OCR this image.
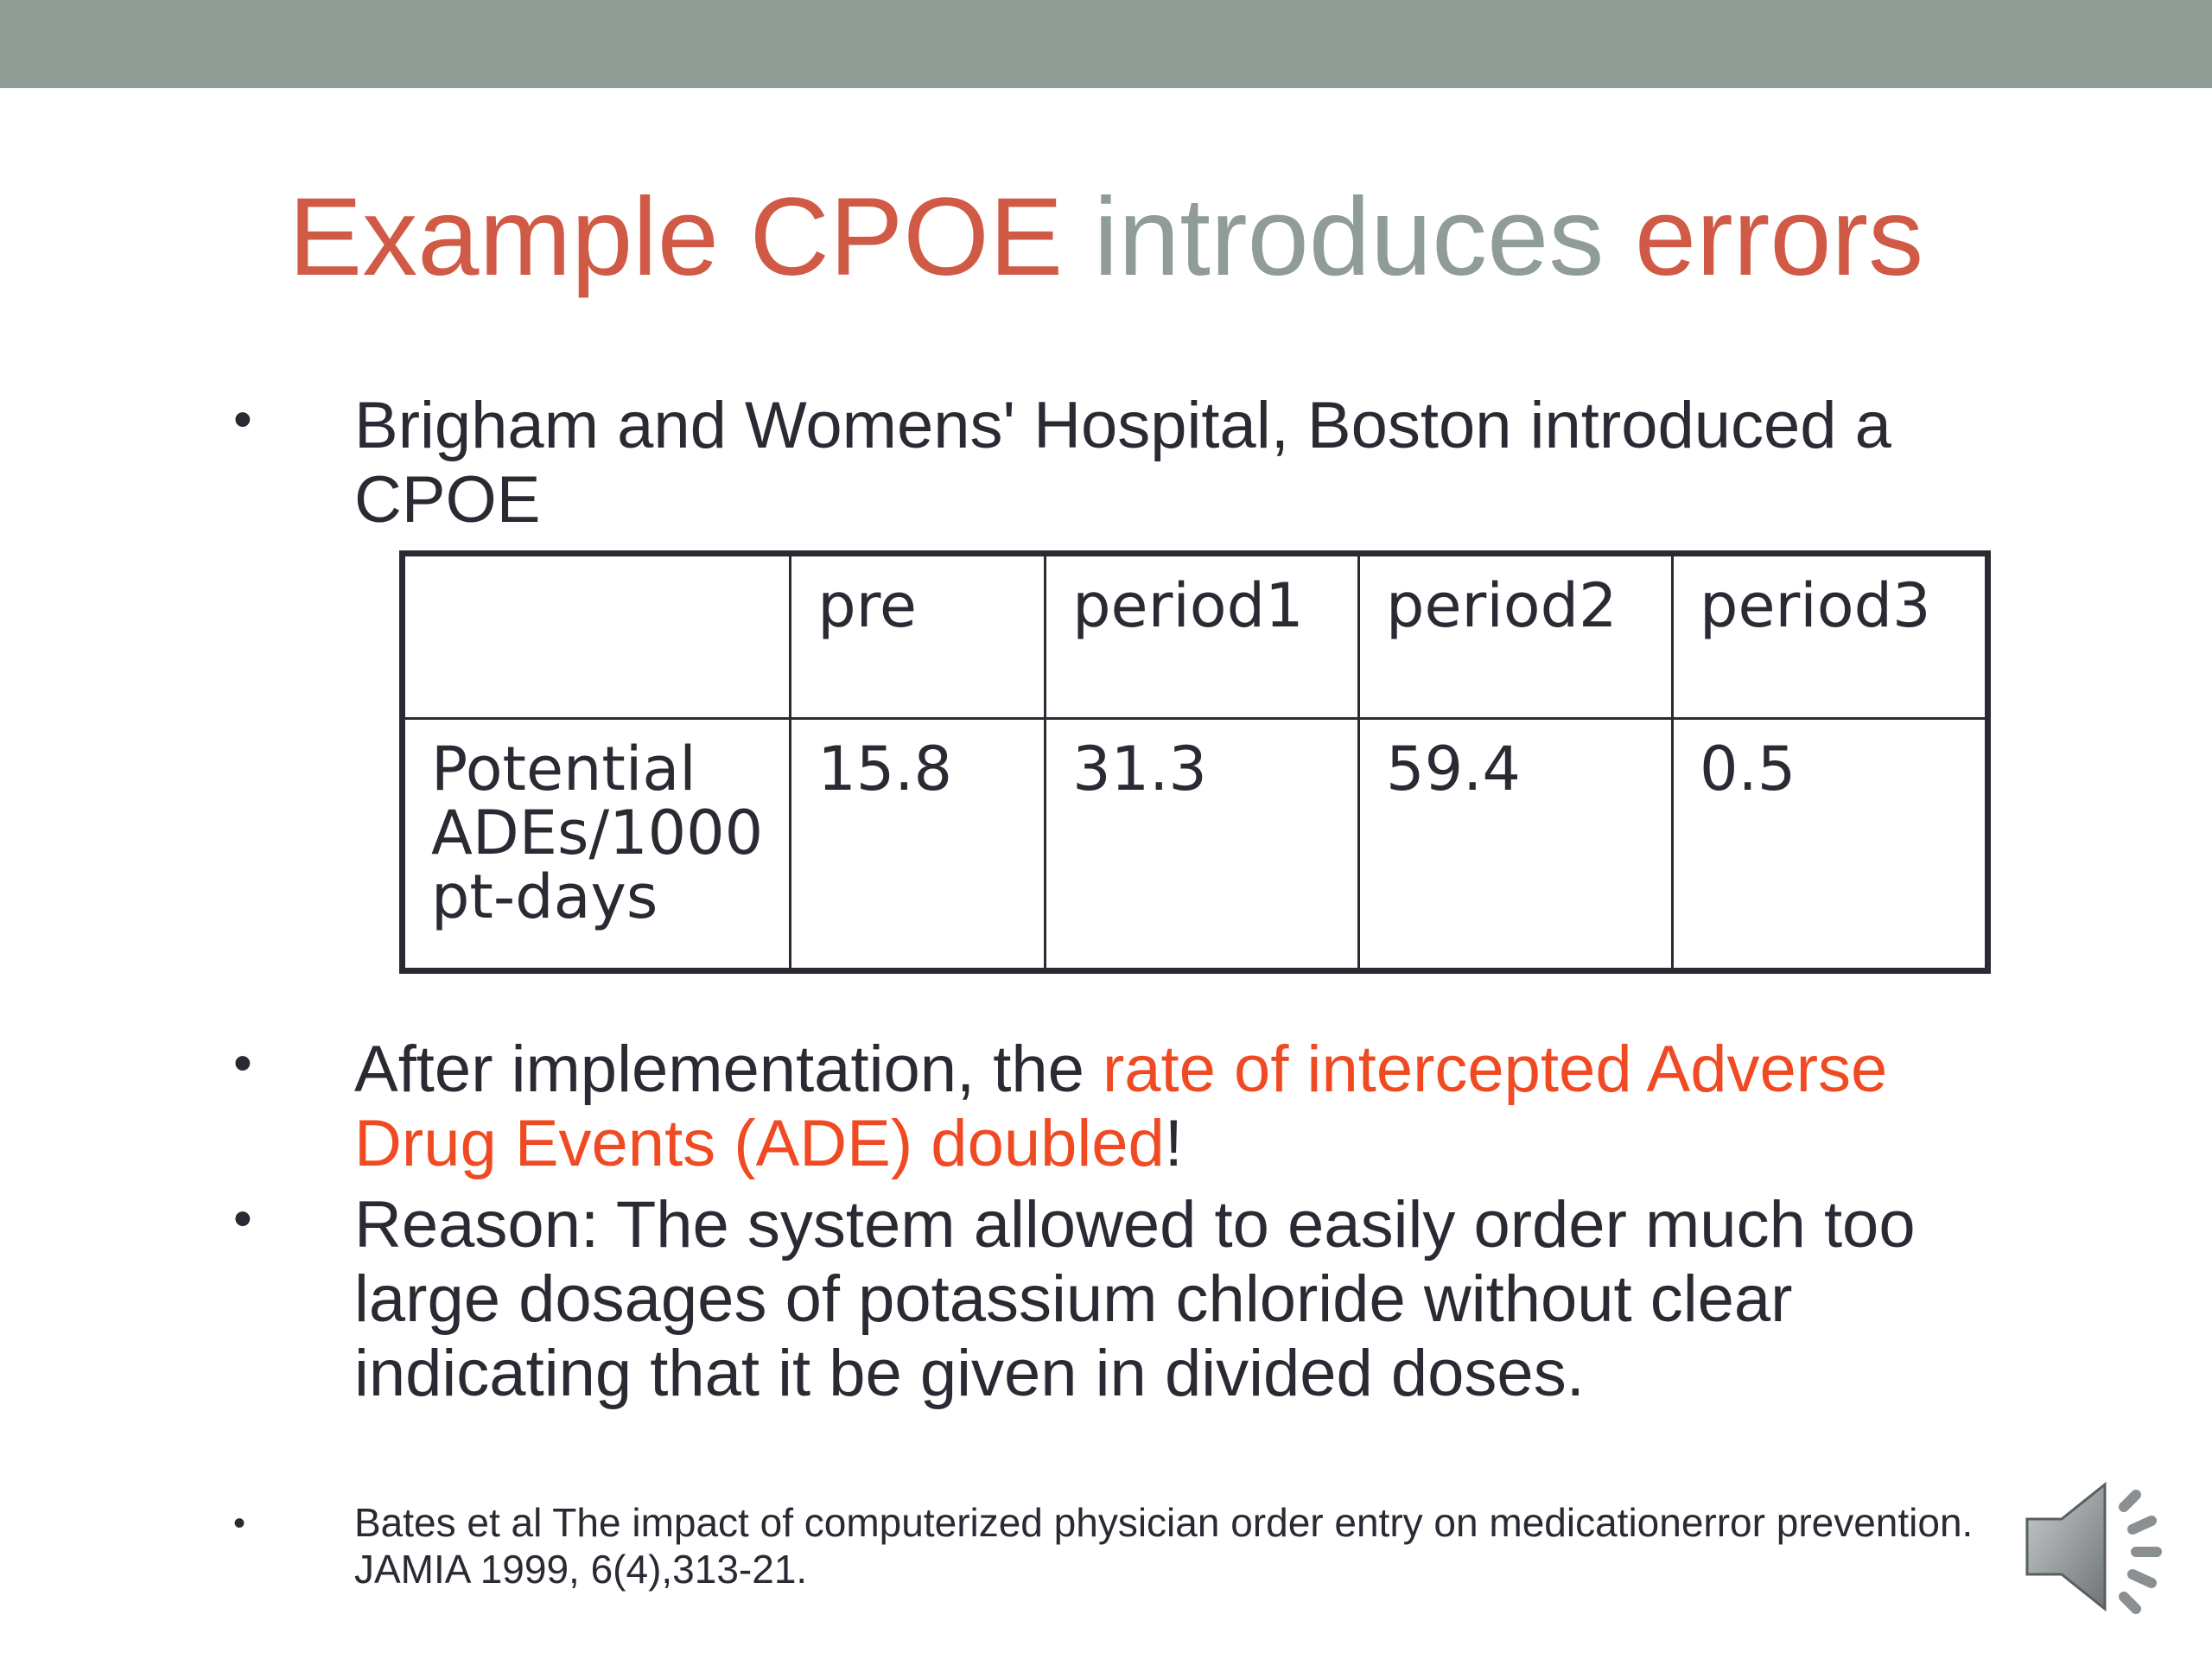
Example CPOE introduces errors
• Brigham and Womens' Hospital, Boston introduced a CPOE
	pre	period1	period2	period3
Potential ADEs/1000 pt-days	15.8	31.3	59.4	0.5
• After implementation, the rate of intercepted Adverse Drug Events (ADE) doubled!
• Reason: The system allowed to easily order much too large dosages of potassium chloride without clear indicating that it be given in divided doses.
•	Bates et al The impact of computerized physician order entry on medicationerror prevention. JAMIA 1999, 6(4),313-21.
